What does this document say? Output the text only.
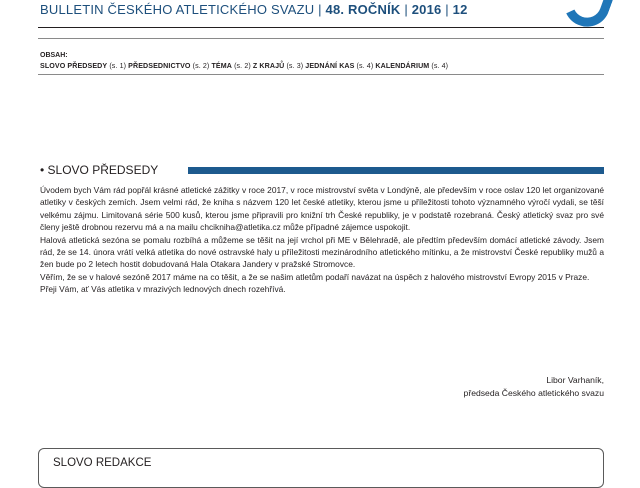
BULLETIN ČESKÉHO ATLETICKÉHO SVAZU | 48. ROČNÍK | 2016 | 12
OBSAH:
SLOVO PŘEDSEDY (s. 1) PŘEDSEDNICTVO (s. 2) TÉMA (s. 2) Z KRAJŮ (s. 3) JEDNÁNÍ KAS (s. 4) KALENDÁRIUM (s. 4)
• SLOVO PŘEDSEDY

Úvodem bych Vám rád popřál krásné atletické zážitky v roce 2017, v roce mistrovství světa v Londýně, ale především v roce oslav 120 let organizované atletiky v českých zemích. Jsem velmi rád, že kniha s názvem 120 let české atletiky, kterou jsme u příležitosti tohoto významného výročí vydali, se těší velkému zájmu. Limitovaná série 500 kusů, kterou jsme připravili pro knižní trh České republiky, je v podstatě rozebraná. Český atletický svaz pro své členy ještě drobnou rezervu má a na mailu chcikniha@atletika.cz může případné zájemce uspokojit.

Halová atletická sezóna se pomalu rozbíhá a můžeme se těšit na její vrchol při ME v Bělehradě, ale předtím především domácí atletické závody. Jsem rád, že se 14. února vrátí velká atletika do nové ostravské haly u příležitosti mezinárodního atletického mítinku, a že mistrovství České republiky mužů a žen bude po 2 letech hostit dobudovaná Hala Otakara Jandery v pražské Stromovce.

Věřím, že se v halové sezóně 2017 máme na co těšit, a že se našim atletům podaří navázat na úspěch z halového mistrovství Evropy 2015 v Praze.

Přeji Vám, ať Vás atletika v mrazivých lednových dnech rozehřívá.

Libor Varhaník,
předseda Českého atletického svazu
SLOVO REDAKCE
